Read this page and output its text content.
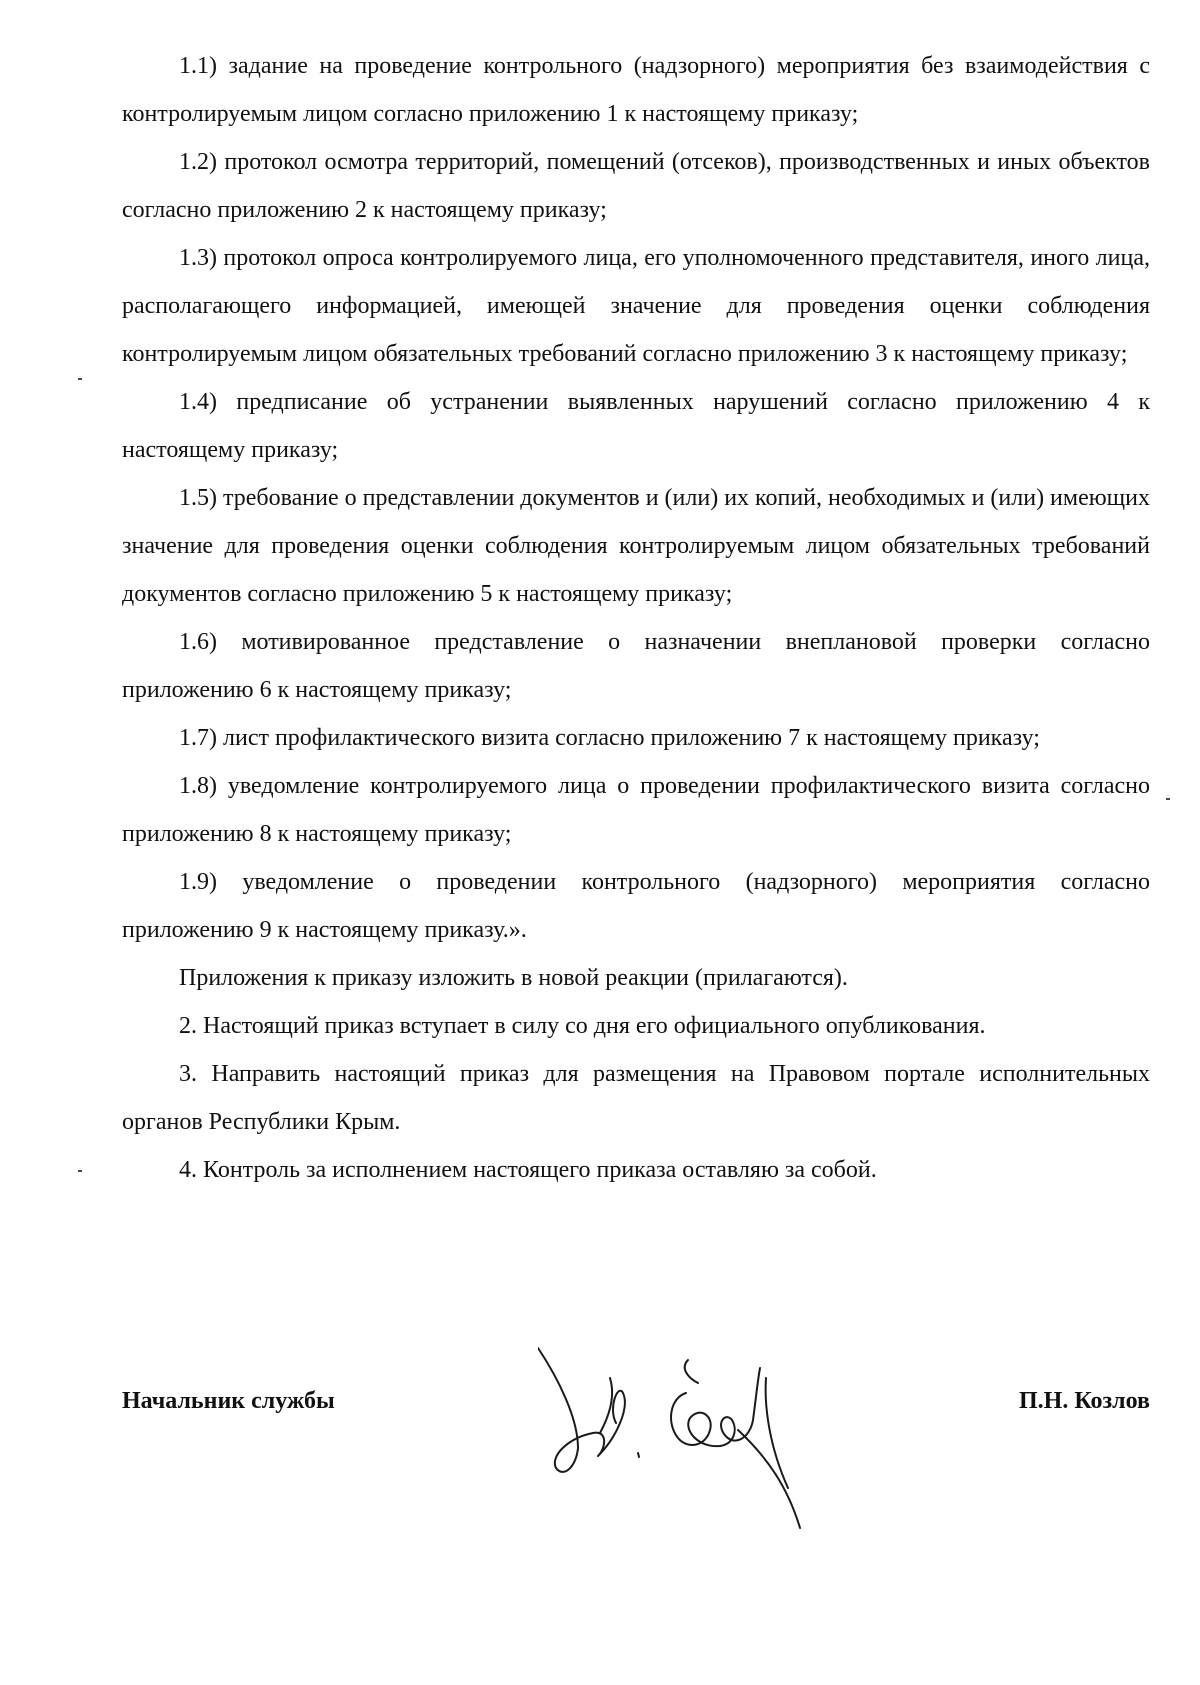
1.1) задание на проведение контрольного (надзорного) мероприятия без взаимодействия с контролируемым лицом согласно приложению 1 к настоящему приказу;

1.2) протокол осмотра территорий, помещений (отсеков), производственных и иных объектов согласно приложению 2 к настоящему приказу;

1.3) протокол опроса контролируемого лица, его уполномоченного представителя, иного лица, располагающего информацией, имеющей значение для проведения оценки соблюдения контролируемым лицом обязательных требований согласно приложению 3 к настоящему приказу;

1.4) предписание об устранении выявленных нарушений согласно приложению 4 к настоящему приказу;

1.5) требование о представлении документов и (или) их копий, необходимых и (или) имеющих значение для проведения оценки соблюдения контролируемым лицом обязательных требований документов согласно приложению 5 к настоящему приказу;

1.6) мотивированное представление о назначении внеплановой проверки согласно приложению 6 к настоящему приказу;

1.7) лист профилактического визита согласно приложению 7 к настоящему приказу;

1.8) уведомление контролируемого лица о проведении профилактического визита согласно приложению 8 к настоящему приказу;

1.9) уведомление о проведении контрольного (надзорного) мероприятия согласно приложению 9 к настоящему приказу.».

Приложения к приказу изложить в новой реакции (прилагаются).

2. Настоящий приказ вступает в силу со дня его официального опубликования.

3. Направить настоящий приказ для размещения на Правовом портале исполнительных органов Республики Крым.

4. Контроль за исполнением настоящего приказа оставляю за собой.

Начальник службы	П.Н. Козлов
